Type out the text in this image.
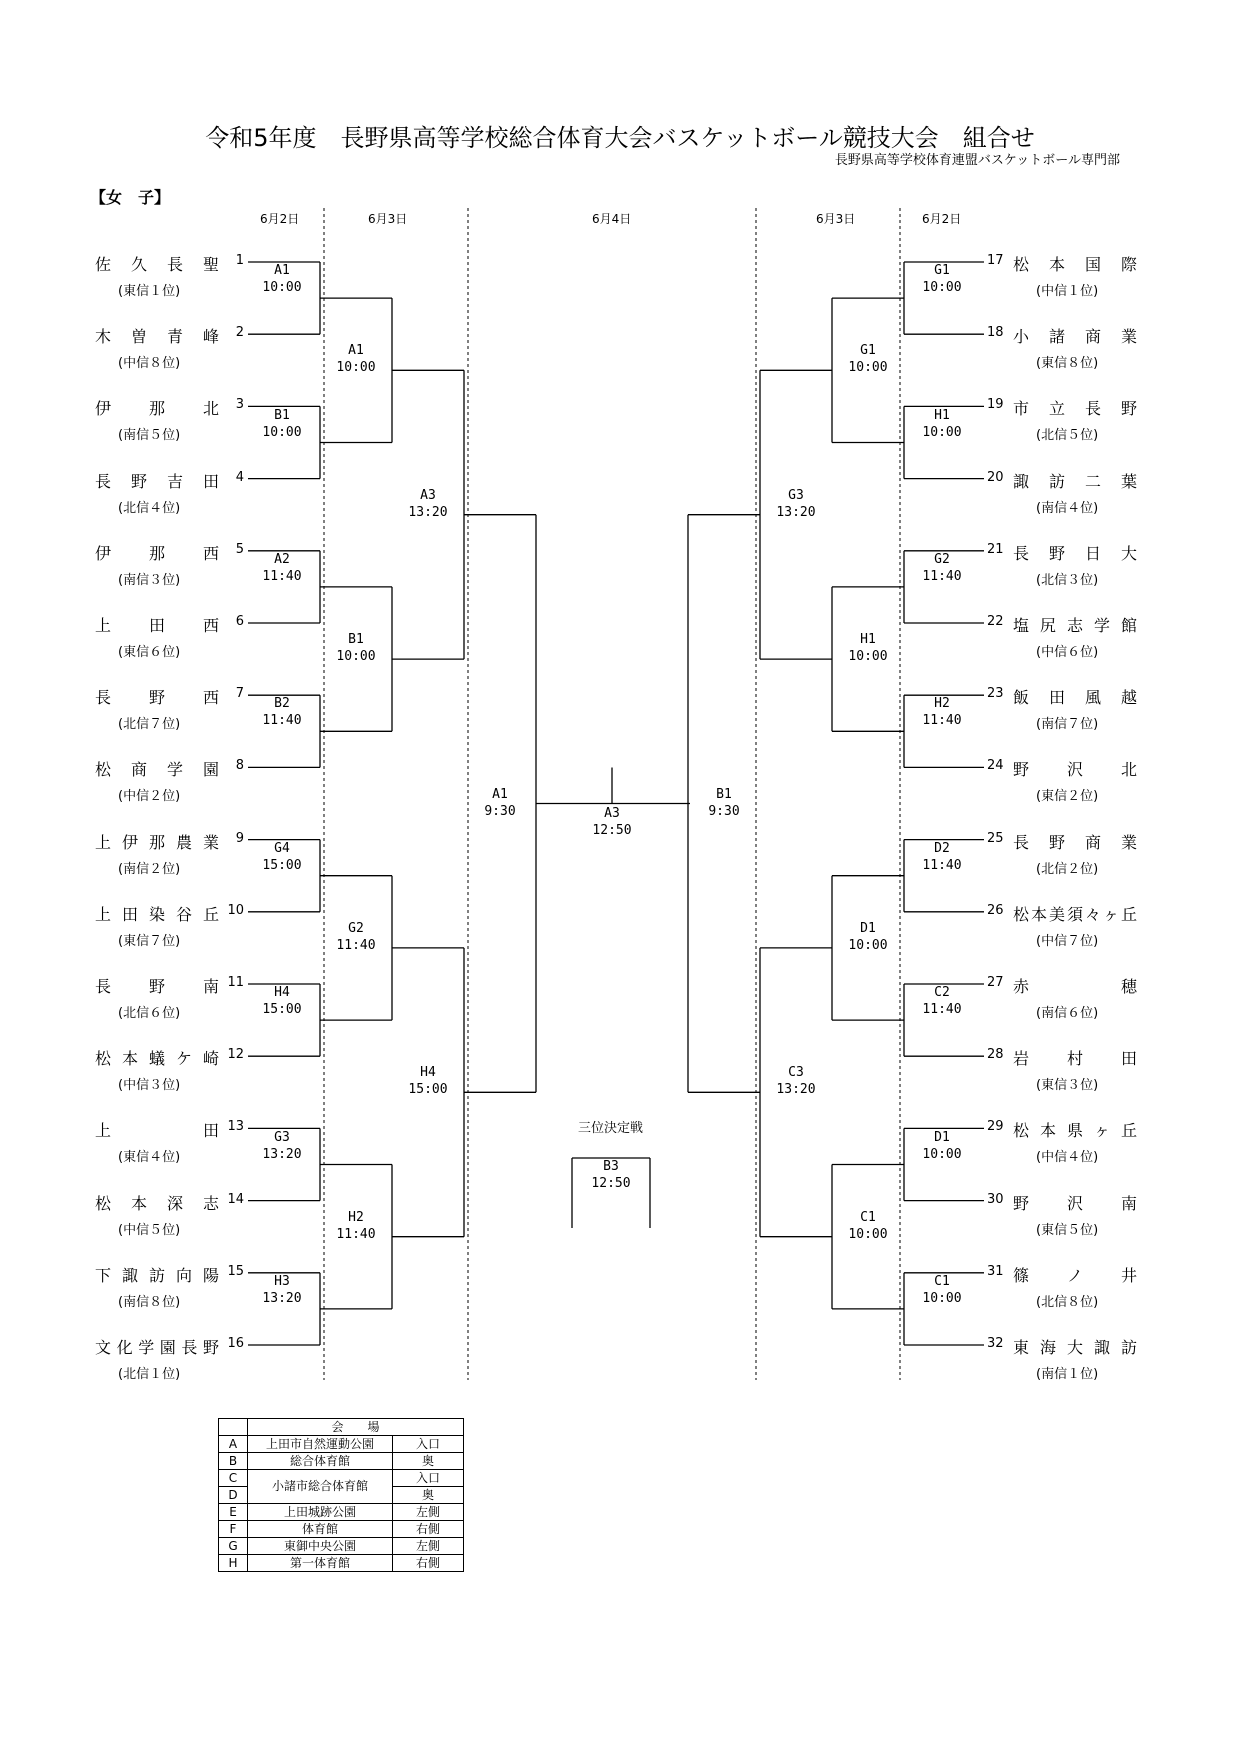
令和5年度　長野県高等学校総合体育大会バスケットボール競技大会　組合せ
長野県高等学校体育連盟バスケットボール専門部
【女　子】
6月2日	6月3日	6月4日	6月3日	6月2日
佐久長聖 1
(東信１位)
木曽青峰 2
(中信８位)
伊那北 3
(南信５位)
長野吉田 4
(北信４位)
伊那西 5
(南信３位)
上田西 6
(東信６位)
長野西 7
(北信７位)
松商学園 8
(中信２位)
上伊那農業 9
(南信２位)
上田染谷丘 10
(東信７位)
長野南 11
(北信６位)
松本蟻ケ崎 12
(中信３位)
上田 13
(東信４位)
松本深志 14
(中信５位)
下諏訪向陽 15
(南信８位)
文化学園長野 16
(北信１位)
松本国際
17
(中信１位)
小諸商業
18
(東信８位)
市立長野
19
(北信５位)
諏訪二葉
20
(南信４位)
長野日大
21
(北信３位)
塩尻志学館
22
(中信６位)
飯田風越
23
(南信７位)
野沢北
24
(東信２位)
長野商業
25
(北信２位)
松本美須々ヶ丘
26
(中信７位)
赤穂
27
(南信６位)
岩村田
28
(東信３位)
松本県ヶ丘
29
(中信４位)
野沢南
30
(東信５位)
篠ノ井
31
(北信８位)
東海大諏訪
32
(南信１位)
A1
10:00
B1
10:00
A2
11:40
B2
11:40
G4
15:00
H4
15:00
G3
13:20
H3
13:20
A1
10:00
B1
10:00
G2
11:40
H2
11:40
A3
13:20
H4
15:00
A1
9:30
G1
10:00
H1
10:00
G2
11:40
H2
11:40
D2
11:40
C2
11:40
D1
10:00
C1
10:00
G1
10:00
H1
10:00
D1
10:00
C1
10:00
G3
13:20
C3
13:20
B1
9:30
A3
12:50
B3
12:50
三位決定戦
	会　　場	
A	上田市自然運動公園	入口
B	総合体育館	奥
C	小諸市総合体育館	入口
D		奥
E	上田城跡公園	左側
F	体育館	右側
G	東御中央公園	左側
H	第一体育館	右側
